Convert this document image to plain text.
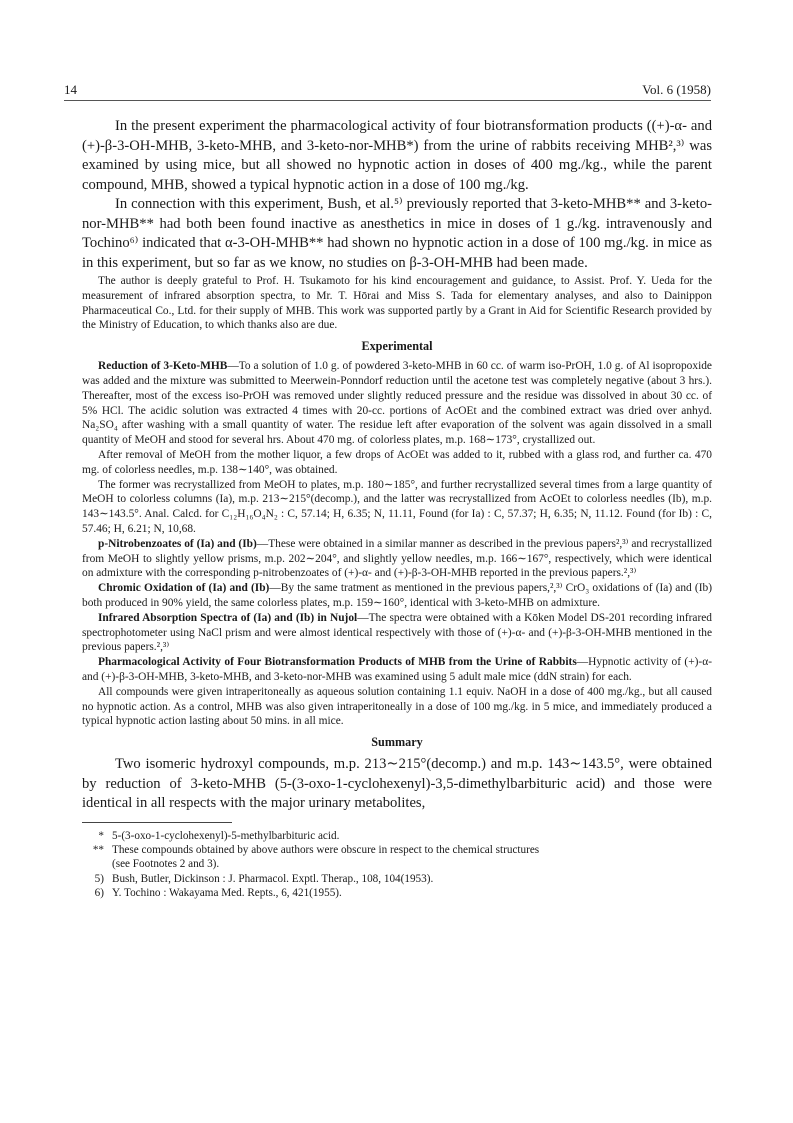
14	Vol. 6 (1958)

In the present experiment the pharmacological activity of four biotransformation products ((+)-α- and (+)-β-3-OH-MHB, 3-keto-MHB, and 3-keto-nor-MHB*) from the urine of rabbits receiving MHB²,³⁾ was examined by using mice, but all showed no hypnotic action in doses of 400 mg./kg., while the parent compound, MHB, showed a typical hypnotic action in a dose of 100 mg./kg.

In connection with this experiment, Bush, et al.⁵⁾ previously reported that 3-keto-MHB** and 3-keto-nor-MHB** had both been found inactive as anesthetics in mice in doses of 1 g./kg. intravenously and Tochino⁶⁾ indicated that α-3-OH-MHB** had shown no hypnotic action in a dose of 100 mg./kg. in mice as in this experiment, but so far as we know, no studies on β-3-OH-MHB had been made.

The author is deeply grateful to Prof. H. Tsukamoto for his kind encouragement and guidance, to Assist. Prof. Y. Ueda for the measurement of infrared absorption spectra, to Mr. T. Hōrai and Miss S. Tada for elementary analyses, and also to Dainippon Pharmaceutical Co., Ltd. for their supply of MHB. This work was supported partly by a Grant in Aid for Scientific Research provided by the Ministry of Education, to which thanks also are due.

Experimental

Reduction of 3-Keto-MHB—To a solution of 1.0 g. of powdered 3-keto-MHB in 60 cc. of warm iso-PrOH, 1.0 g. of Al isopropoxide was added and the mixture was submitted to Meerwein-Ponndorf reduction until the acetone test was completely negative (about 3 hrs.). Thereafter, most of the excess iso-PrOH was removed under slightly reduced pressure and the residue was dissolved in about 30 cc. of 5% HCl. The acidic solution was extracted 4 times with 20-cc. portions of AcOEt and the combined extract was dried over anhyd. Na₂SO₄ after washing with a small quantity of water. The residue left after evaporation of the solvent was again dissolved in a small quantity of MeOH and stood for several hrs. About 470 mg. of colorless plates, m.p. 168∼173°, crystallized out.

After removal of MeOH from the mother liquor, a few drops of AcOEt was added to it, rubbed with a glass rod, and further ca. 470 mg. of colorless needles, m.p. 138∼140°, was obtained.

The former was recrystallized from MeOH to plates, m.p. 180∼185°, and further recrystallized several times from a large quantity of MeOH to colorless columns (Ia), m.p. 213∼215°(decomp.), and the latter was recrystallized from AcOEt to colorless needles (Ib), m.p. 143∼143.5°. Anal. Calcd. for C₁₂H₁₆O₄N₂ : C, 57.14; H, 6.35; N, 11.11, Found (for Ia) : C, 57.37; H, 6.35; N, 11.12. Found (for Ib) : C, 57.46; H, 6.21; N, 10,68.

p-Nitrobenzoates of (Ia) and (Ib)—These were obtained in a similar manner as described in the previous papers²,³⁾ and recrystallized from MeOH to slightly yellow prisms, m.p. 202∼204°, and slightly yellow needles, m.p. 166∼167°, respectively, which were identical on admixture with the corresponding p-nitrobenzoates of (+)-α- and (+)-β-3-OH-MHB reported in the previous papers.²,³⁾

Chromic Oxidation of (Ia) and (Ib)—By the same tratment as mentioned in the previous papers,²,³⁾ CrO₃ oxidations of (Ia) and (Ib) both produced in 90% yield, the same colorless plates, m.p. 159∼160°, identical with 3-keto-MHB on admixture.

Infrared Absorption Spectra of (Ia) and (Ib) in Nujol—The spectra were obtained with a Kōken Model DS-201 recording infrared spectrophotometer using NaCl prism and were almost identical respectively with those of (+)-α- and (+)-β-3-OH-MHB mentioned in the previous papers.²,³⁾

Pharmacological Activity of Four Biotransformation Products of MHB from the Urine of Rabbits—Hypnotic activity of (+)-α- and (+)-β-3-OH-MHB, 3-keto-MHB, and 3-keto-nor-MHB was examined using 5 adult male mice (ddN strain) for each.

All compounds were given intraperitoneally as aqueous solution containing 1.1 equiv. NaOH in a dose of 400 mg./kg., but all caused no hypnotic action. As a control, MHB was also given intraperitoneally in a dose of 100 mg./kg. in 5 mice, and immediately produced a typical hypnotic action lasting about 50 mins. in all mice.

Summary

Two isomeric hydroxyl compounds, m.p. 213∼215°(decomp.) and m.p. 143∼143.5°, were obtained by reduction of 3-keto-MHB (5-(3-oxo-1-cyclohexenyl)-3,5-dimethylbarbituric acid) and those were identical in all respects with the major urinary metabolites,

* 5-(3-oxo-1-cyclohexenyl)-5-methylbarbituric acid.
** These compounds obtained by above authors were obscure in respect to the chemical structures
(see Footnotes 2 and 3).
5) Bush, Butler, Dickinson : J. Pharmacol. Exptl. Therap., 108, 104(1953).
6) Y. Tochino : Wakayama Med. Repts., 6, 421(1955).
